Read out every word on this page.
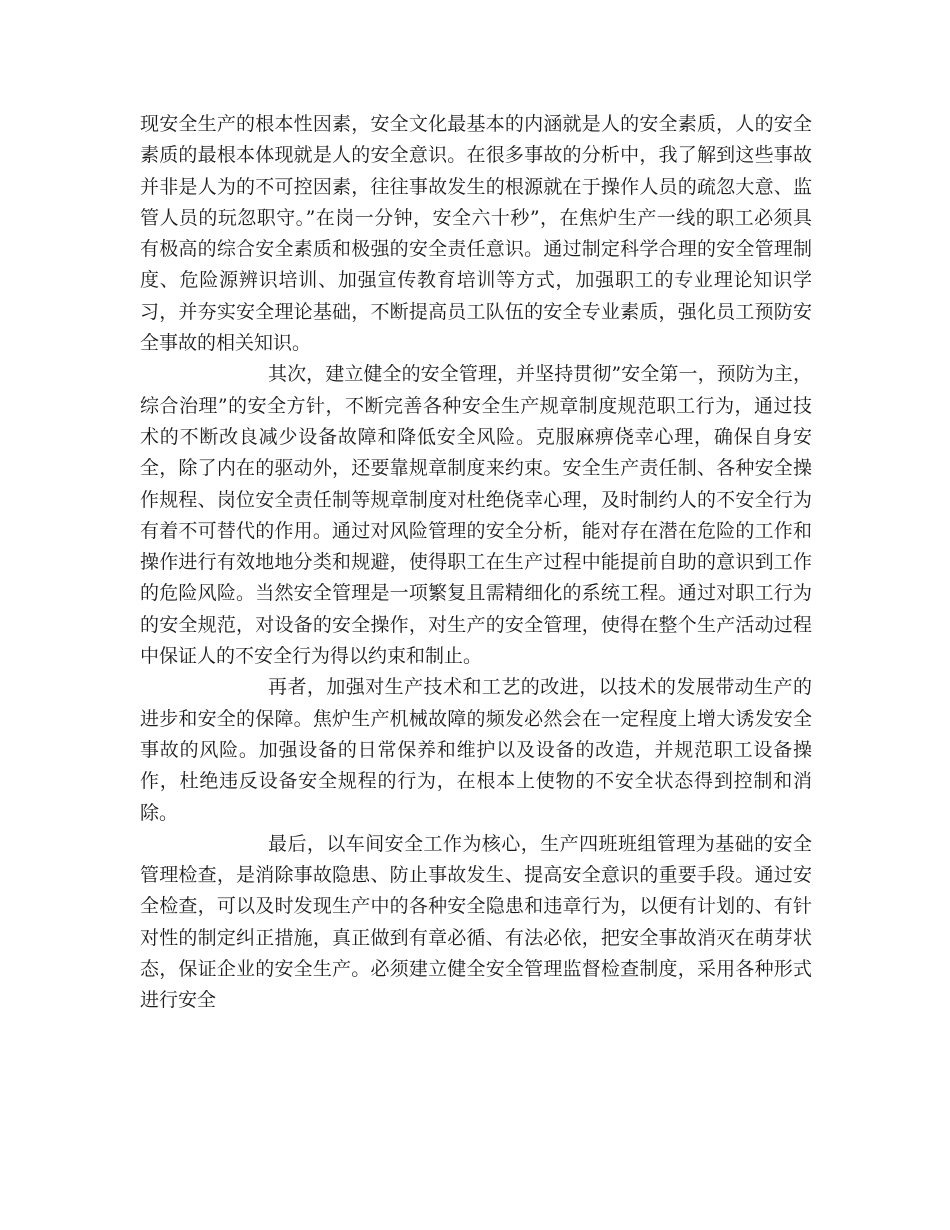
现安全生产的根本性因素，安全文化最基本的内涵就是人的安全素质，人的安全素质的最根本体现就是人的安全意识。在很多事故的分析中，我了解到这些事故并非是人为的不可控因素，往往事故发生的根源就在于操作人员的疏忽大意、监管人员的玩忽职守。”在岗一分钟，安全六十秒”，在焦炉生产一线的职工必须具有极高的综合安全素质和极强的安全责任意识。通过制定科学合理的安全管理制度、危险源辨识培训、加强宣传教育培训等方式，加强职工的专业理论知识学习，并夯实安全理论基础，不断提高员工队伍的安全专业素质，强化员工预防安全事故的相关知识。

其次，建立健全的安全管理，并坚持贯彻”安全第一，预防为主，综合治理”的安全方针，不断完善各种安全生产规章制度规范职工行为，通过技术的不断改良减少设备故障和降低安全风险。克服麻痹侥幸心理，确保自身安全，除了内在的驱动外，还要靠规章制度来约束。安全生产责任制、各种安全操作规程、岗位安全责任制等规章制度对杜绝侥幸心理，及时制约人的不安全行为有着不可替代的作用。通过对风险管理的安全分析，能对存在潜在危险的工作和操作进行有效地地分类和规避，使得职工在生产过程中能提前自助的意识到工作的危险风险。当然安全管理是一项繁复且需精细化的系统工程。通过对职工行为的安全规范，对设备的安全操作，对生产的安全管理，使得在整个生产活动过程中保证人的不安全行为得以约束和制止。

再者，加强对生产技术和工艺的改进，以技术的发展带动生产的进步和安全的保障。焦炉生产机械故障的频发必然会在一定程度上增大诱发安全事故的风险。加强设备的日常保养和维护以及设备的改造，并规范职工设备操作，杜绝违反设备安全规程的行为，在根本上使物的不安全状态得到控制和消除。

最后，以车间安全工作为核心，生产四班班组管理为基础的安全管理检查，是消除事故隐患、防止事故发生、提高安全意识的重要手段。通过安全检查，可以及时发现生产中的各种安全隐患和违章行为，以便有计划的、有针对性的制定纠正措施，真正做到有章必循、有法必依，把安全事故消灭在萌芽状态，保证企业的安全生产。必须建立健全安全管理监督检查制度，采用各种形式进行安全
